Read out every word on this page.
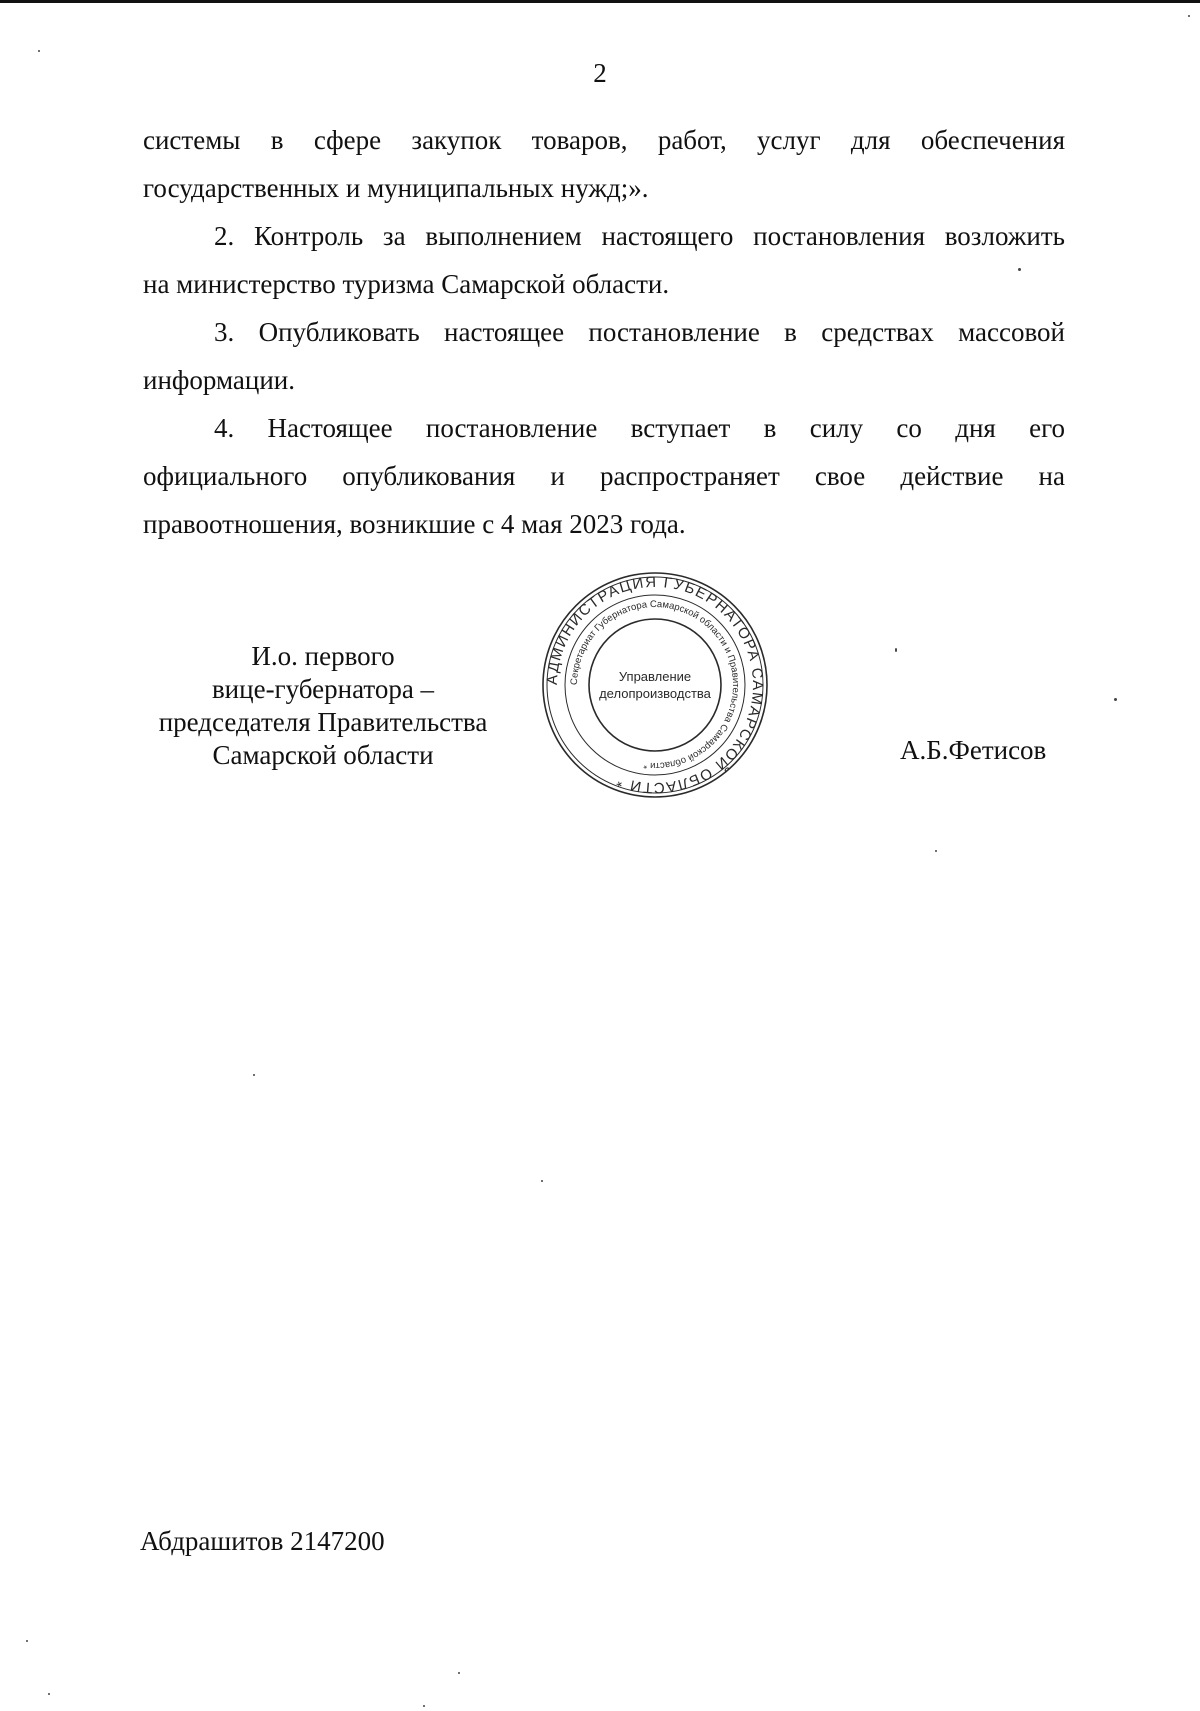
2

системы в сфере закупок товаров, работ, услуг для обеспечения

государственных и муниципальных нужд;».

2. Контроль за выполнением настоящего постановления возложить

на министерство туризма Самарской области.

3. Опубликовать настоящее постановление в средствах массовой

информации.

4. Настоящее постановление вступает в силу со дня его

официального опубликования и распространяет свое действие на

правоотношения, возникшие с 4 мая 2023 года.

И.о. первого
вице-губернатора –
председателя Правительства
Самарской области
АДМИНИСТРАЦИЯ ГУБЕРНАТОРА САМАРСКОЙ ОБЛАСТИ *
Секретариат Губернатора Самарской области и Правительства Самарской области *
Управление
делопроизводства
А.Б.Фетисов
Абдрашитов 2147200
